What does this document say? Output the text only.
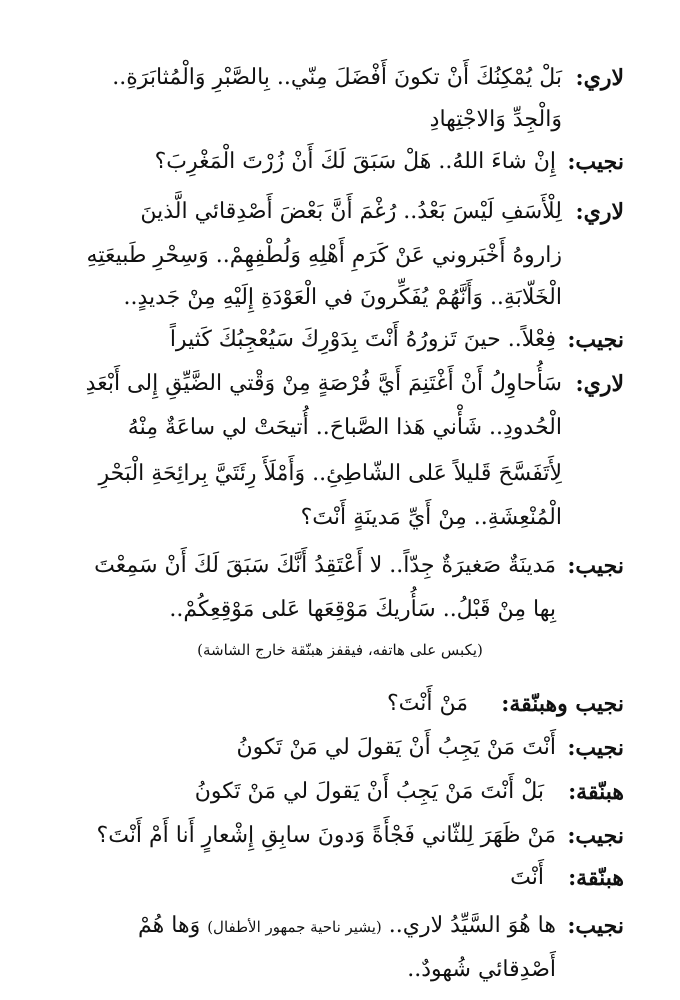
لاري:
بَلْ يُمْكِنُكَ أَنْ تكونَ أَفْضَلَ مِنّي.. بِالصَّبْرِ وَالْمُثابَرَةِ..
وَالْجِدِّ وَالاجْتِهادِ
نجيب:
إِنْ شاءَ اللهُ.. هَلْ سَبَقَ لَكَ أَنْ زُرْتَ الْمَغْرِبَ؟
لاري:
لِلْأَسَفِ لَيْسَ بَعْدُ.. رُغْمَ أَنَّ بَعْضَ أَصْدِقائي الَّذينَ
زاروهُ أَخْبَروني عَنْ كَرَمِ أَهْلِهِ وَلُطْفِهِمْ.. وَسِحْرِ طَبيعَتِهِ
الْخَلّابَةِ.. وَأَنَّهُمْ يُفَكِّرونَ في الْعَوْدَةِ إِلَيْهِ مِنْ جَديدٍ..
نجيب:
فِعْلاً.. حينَ تَزورُهُ أَنْتَ بِدَوْرِكَ سَيُعْجِبُكَ كَثيراً
لاري:
سَأُحاوِلُ أَنْ أَغْتَنِمَ أَيَّ فُرْصَةٍ مِنْ وَقْتي الضَّيِّقِ إِلى أَبْعَدِ
الْحُدودِ.. شَأْني هَذا الصَّباحَ.. أُتيحَتْ لي ساعَةٌ مِنْهُ
لِأَتَفَسَّحَ قَليلاً عَلى الشّاطِئِ.. وَأَمْلَأَ رِئَتَيَّ بِرائِحَةِ الْبَحْرِ
الْمُنْعِشَةِ.. مِنْ أَيِّ مَدينَةٍ أَنْتَ؟
نجيب:
مَدينَةٌ صَغيرَةٌ جِدّاً.. لا أَعْتَقِدُ أَنَّكَ سَبَقَ لَكَ أَنْ سَمِعْتَ
بِها مِنْ قَبْلُ.. سَأُريكَ مَوْقِعَها عَلى مَوْقِعِكُمْ..
(يكبس على هاتفه، فيقفز هبنّقة خارج الشاشة)
نجيب وهبنّقة:
مَنْ أَنْتَ؟
نجيب:
أَنْتَ مَنْ يَجِبُ أَنْ يَقولَ لي مَنْ تَكونُ
هبنّقة:
بَلْ أَنْتَ مَنْ يَجِبُ أَنْ يَقولَ لي مَنْ تَكونُ
نجيب:
مَنْ ظَهَرَ لِلثّاني فَجْأَةً وَدونَ سابِقِ إِشْعارٍ أَنا أَمْ أَنْتَ؟
هبنّقة:
أَنْتَ
نجيب:
ها هُوَ السَّيِّدُ لاري.. (يشير ناحية جمهور الأطفال) وَها هُمْ
أَصْدِقائي شُهودٌ..
